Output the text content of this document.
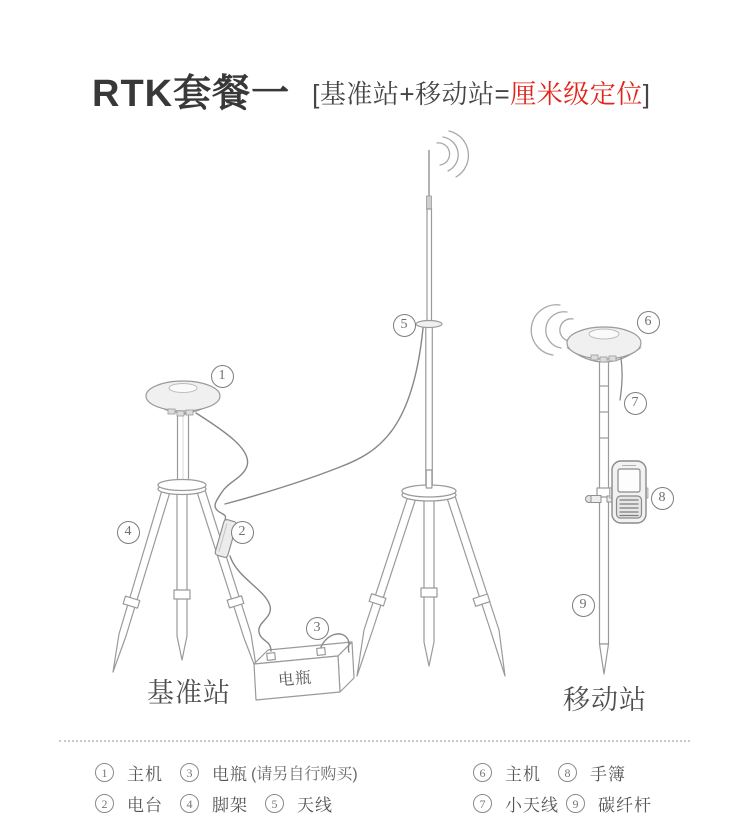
RTK套餐一 [基准站+移动站=厘米级定位]
1
2
3
4
5	6
7
8
9
电瓶
基准站	移动站
1	主机	3	电瓶 (请另自行购买)
2	电台	4	脚架	5	天线
6	主机	8	手簿
7	小天线	9	碳纤杆
